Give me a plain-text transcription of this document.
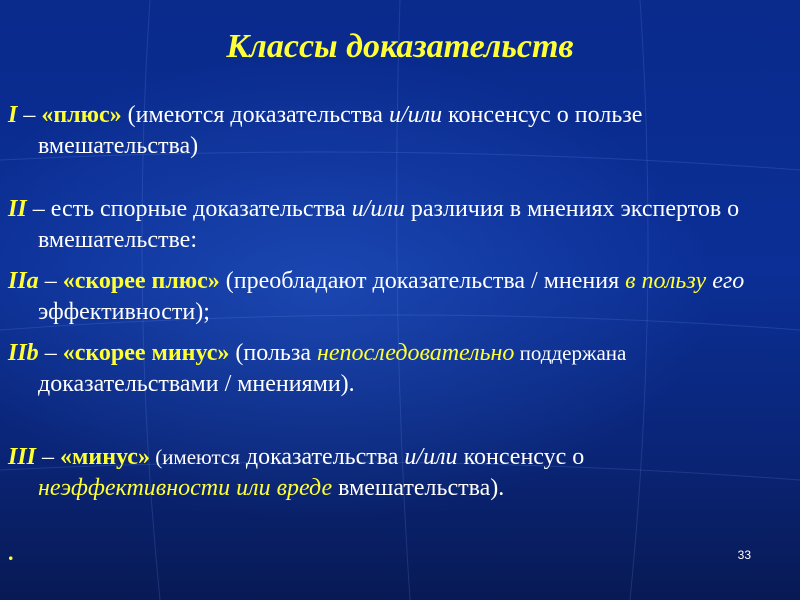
Классы доказательств
I – «плюс» (имеются доказательства и/или консенсус о пользе вмешательства)
II – есть спорные доказательства и/или различия в мнениях экспертов о вмешательстве:
IIa – «скорее плюс» (преобладают доказательства / мнения в пользу его эффективности);
IIb – «скорее минус» (польза непоследовательно поддержана доказательствами / мнениями).
III – «минус» (имеются доказательства и/или консенсус о неэффективности или вреде вмешательства).
.	33
